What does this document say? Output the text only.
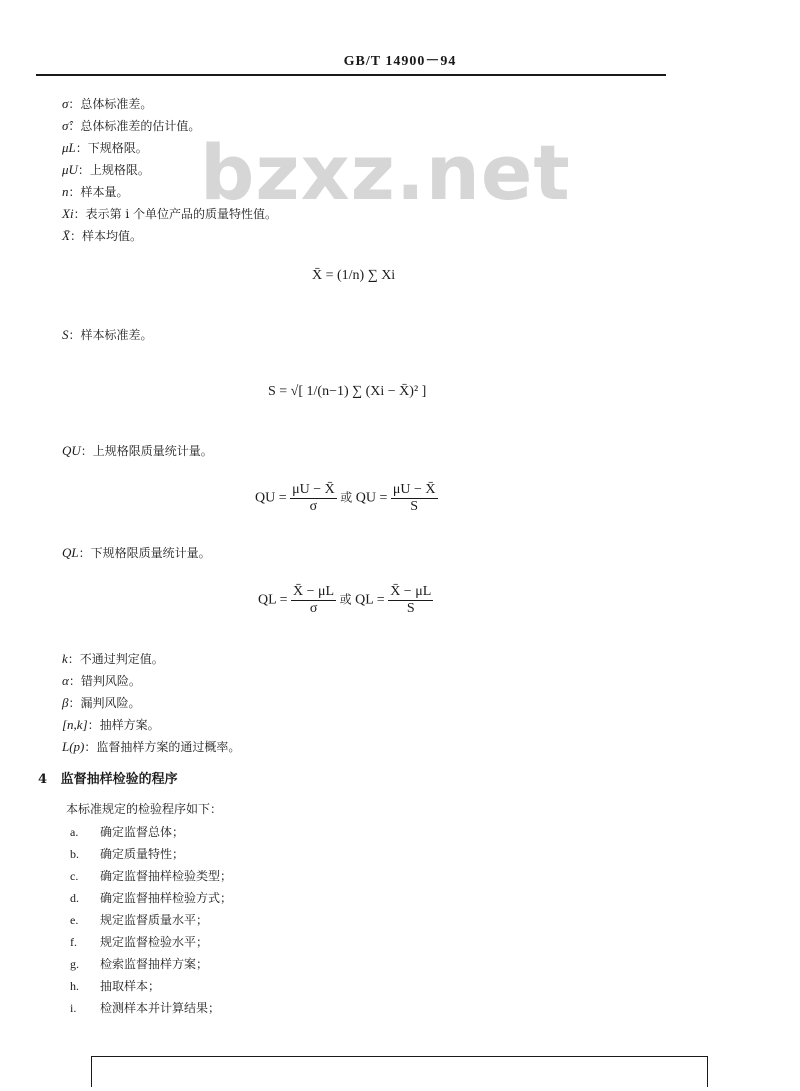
GB/T 14900－94
bzxz.net
σ：总体标准差。
σ̂：总体标准差的估计值。
μL：下规格限。
μU：上规格限。
n：样本量。
Xi：表示第 i 个单位产品的质量特性值。
X̄：样本均值。
X̄ = (1/n) ∑ Xi
S：样本标准差。
S = √[ 1/(n−1) ∑ (Xi − X̄)² ]
QU：上规格限质量统计量。
QU = $\frac{\mu U - X̄}{\sigma}$ 或 QU = $\frac{\mu U - X̄}{S}$
QL：下规格限质量统计量。
QL = $\frac{X̄ - \mu L}{\sigma}$ 或 QL = $\frac{X̄ - \mu L}{S}$
k：不通过判定值。
α：错判风险。
β：漏判风险。
[n,k]：抽样方案。
L(p)：监督抽样方案的通过概率。
4 监督抽样检验的程序
本标准规定的检验程序如下：
a. 确定监督总体；
b. 确定质量特性；
c. 确定监督抽样检验类型；
d. 确定监督抽样检验方式；
e. 规定监督质量水平；
f. 规定监督检验水平；
g. 检索监督抽样方案；
h. 抽取样本；
i. 检测样本并计算结果；
